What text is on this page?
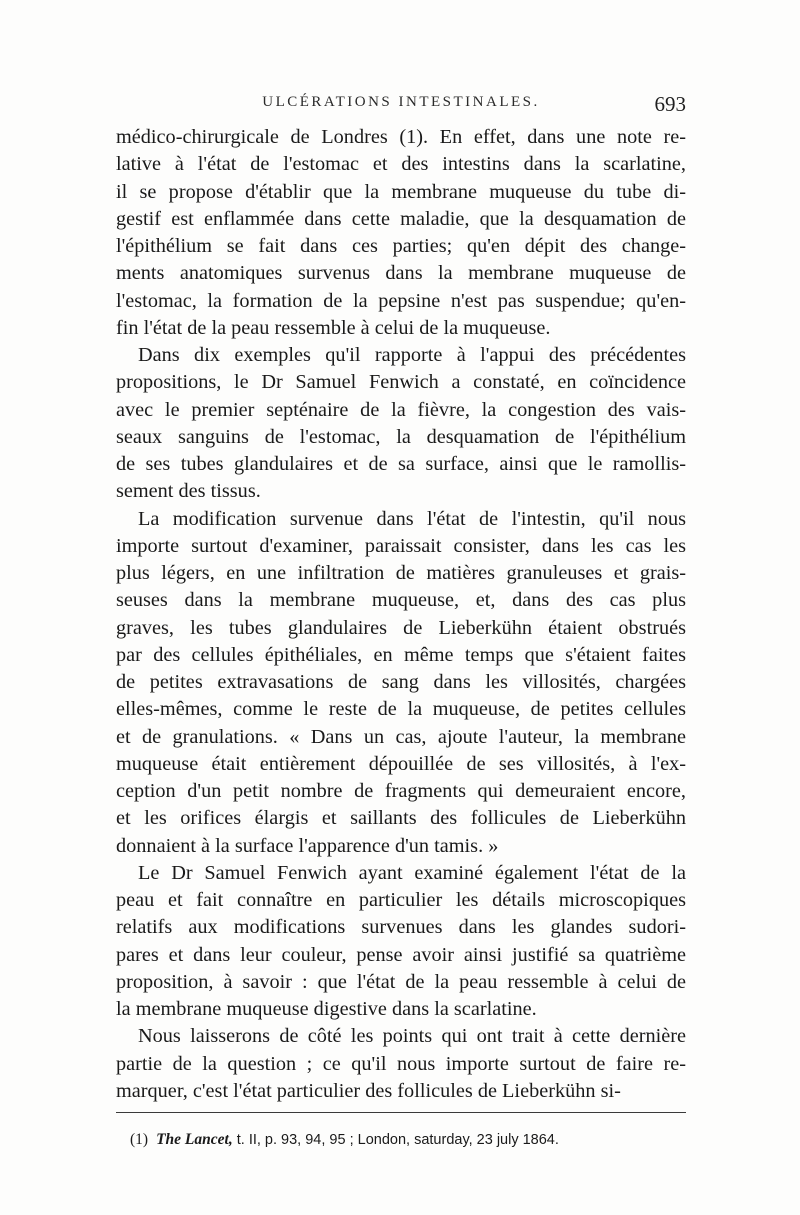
ULCÉRATIONS INTESTINALES.	693
médico-chirurgicale de Londres (1). En effet, dans une note re-
lative à l'état de l'estomac et des intestins dans la scarlatine,
il se propose d'établir que la membrane muqueuse du tube di-
gestif est enflammée dans cette maladie, que la desquamation de
l'épithélium se fait dans ces parties; qu'en dépit des change-
ments anatomiques survenus dans la membrane muqueuse de
l'estomac, la formation de la pepsine n'est pas suspendue; qu'en-
fin l'état de la peau ressemble à celui de la muqueuse.
Dans dix exemples qu'il rapporte à l'appui des précédentes
propositions, le Dr Samuel Fenwich a constaté, en coïncidence
avec le premier septénaire de la fièvre, la congestion des vais-
seaux sanguins de l'estomac, la desquamation de l'épithélium
de ses tubes glandulaires et de sa surface, ainsi que le ramollis-
sement des tissus.
La modification survenue dans l'état de l'intestin, qu'il nous
importe surtout d'examiner, paraissait consister, dans les cas les
plus légers, en une infiltration de matières granuleuses et grais-
seuses dans la membrane muqueuse, et, dans des cas plus
graves, les tubes glandulaires de Lieberkühn étaient obstrués
par des cellules épithéliales, en même temps que s'étaient faites
de petites extravasations de sang dans les villosités, chargées
elles-mêmes, comme le reste de la muqueuse, de petites cellules
et de granulations. « Dans un cas, ajoute l'auteur, la membrane
muqueuse était entièrement dépouillée de ses villosités, à l'ex-
ception d'un petit nombre de fragments qui demeuraient encore,
et les orifices élargis et saillants des follicules de Lieberkühn
donnaient à la surface l'apparence d'un tamis. »
Le Dr Samuel Fenwich ayant examiné également l'état de la
peau et fait connaître en particulier les détails microscopiques
relatifs aux modifications survenues dans les glandes sudori-
pares et dans leur couleur, pense avoir ainsi justifié sa quatrième
proposition, à savoir : que l'état de la peau ressemble à celui de
la membrane muqueuse digestive dans la scarlatine.
Nous laisserons de côté les points qui ont trait à cette dernière
partie de la question ; ce qu'il nous importe surtout de faire re-
marquer, c'est l'état particulier des follicules de Lieberkühn si-
(1) The Lancet, t. II, p. 93, 94, 95 ; London, saturday, 23 july 1864.
